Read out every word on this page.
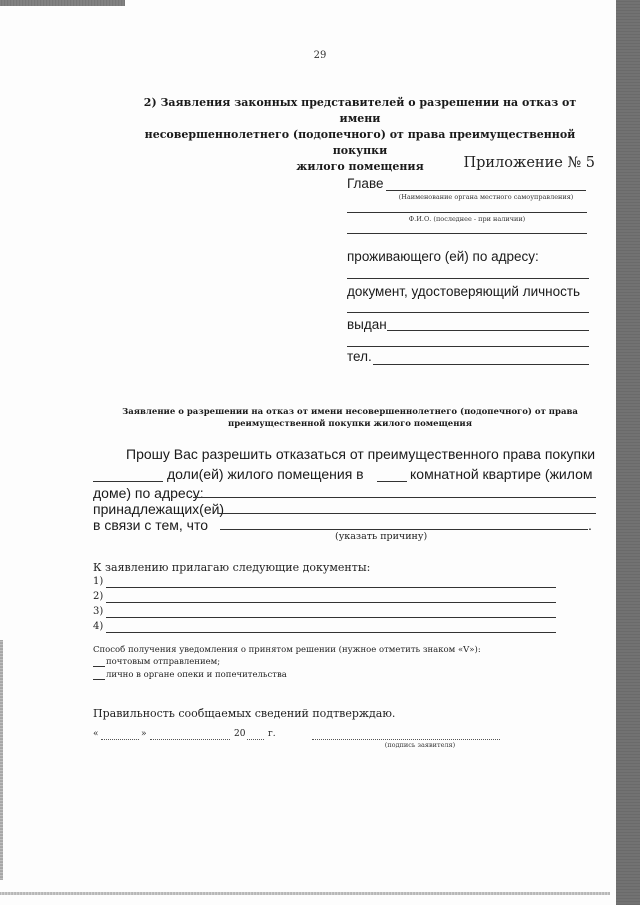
29
2) Заявления законных представителей о разрешении на отказ от имени
несовершеннолетнего (подопечного) от права преимущественной покупки
жилого помещения	Приложение № 5
Главе
(Наименование органа местного самоуправления)
Ф.И.О. (последнее - при наличии)
проживающего (ей) по адресу:
документ, удостоверяющий личность
выдан
тел.
Заявление о разрешении на отказ от имени несовершеннолетнего (подопечного) от права
преимущественной покупки жилого помещения
Прошу Вас разрешить отказаться от преимущественного права покупки
доли(ей) жилого помещения в	комнатной квартире (жилом
доме) по адресу:
принадлежащих(ей)
в связи с тем, что	.
(указать причину)
К заявлению прилагаю следующие документы:
1)
2)
3)
4)
Способ получения уведомления о принятом решении (нужное отметить знаком «V»):
почтовым отправлением;
лично в органе опеки и попечительства
Правильность сообщаемых сведений подтверждаю.
«	»	20	г.
(подпись заявителя)
